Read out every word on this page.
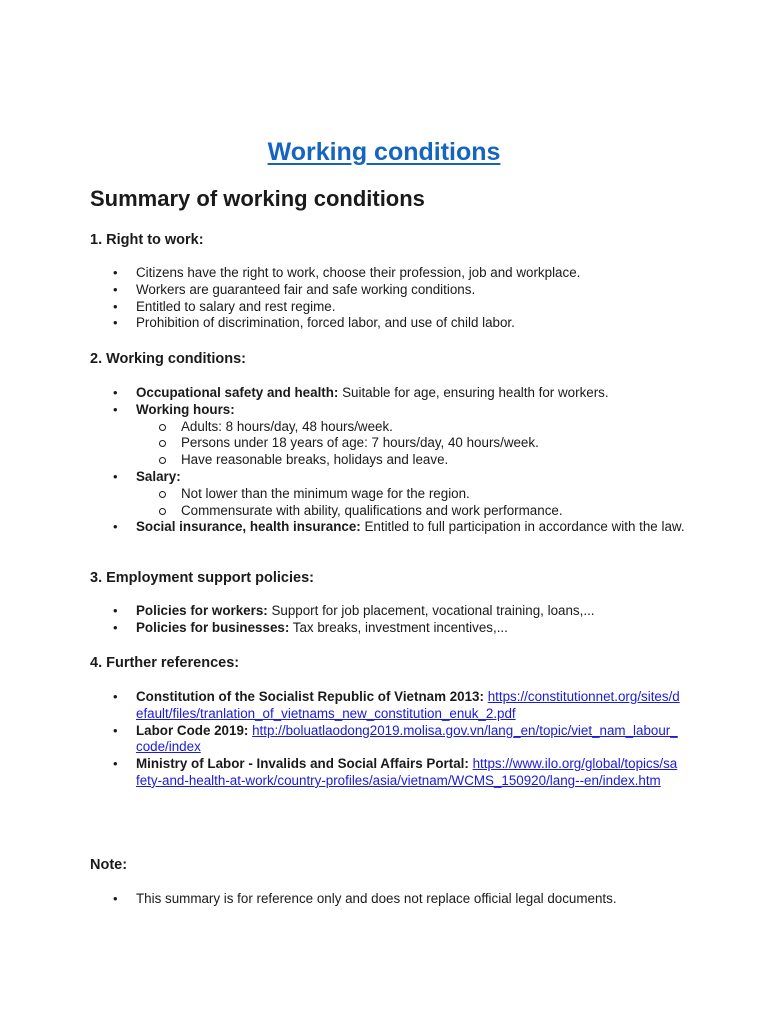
Working conditions
Summary of working conditions
1. Right to work:
• Citizens have the right to work, choose their profession, job and workplace.
• Workers are guaranteed fair and safe working conditions.
• Entitled to salary and rest regime.
• Prohibition of discrimination, forced labor, and use of child labor.
2. Working conditions:
• Occupational safety and health: Suitable for age, ensuring health for workers.
• Working hours:
Adults: 8 hours/day, 48 hours/week.
Persons under 18 years of age: 7 hours/day, 40 hours/week.
Have reasonable breaks, holidays and leave.
• Salary:
Not lower than the minimum wage for the region.
Commensurate with ability, qualifications and work performance.
• Social insurance, health insurance: Entitled to full participation in accordance with the law.
3. Employment support policies:
• Policies for workers: Support for job placement, vocational training, loans,...
• Policies for businesses: Tax breaks, investment incentives,...
4. Further references:
• Constitution of the Socialist Republic of Vietnam 2013: https://constitutionnet.org/sites/default/files/tranlation_of_vietnams_new_constitution_enuk_2.pdf
• Labor Code 2019: http://boluatlaodong2019.molisa.gov.vn/lang_en/topic/viet_nam_labour_code/index
• Ministry of Labor - Invalids and Social Affairs Portal: https://www.ilo.org/global/topics/safety-and-health-at-work/country-profiles/asia/vietnam/WCMS_150920/lang--en/index.htm
Note:
• This summary is for reference only and does not replace official legal documents.
